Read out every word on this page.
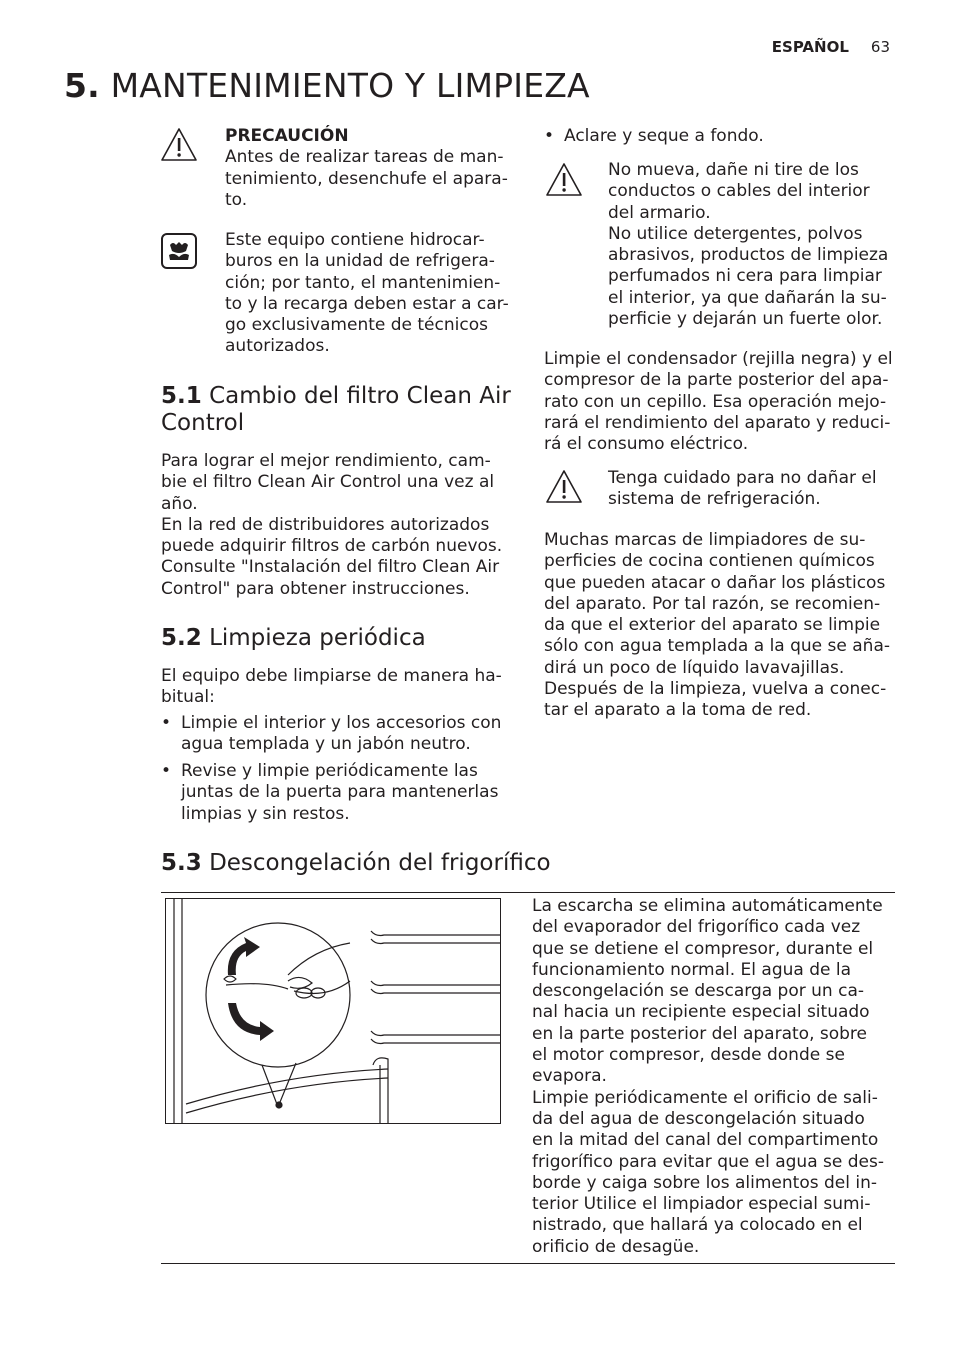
ESPAÑOL 63
5. MANTENIMIENTO Y LIMPIEZA
PRECAUCIÓN
Antes de realizar tareas de man-
tenimiento, desenchufe el apara-
to.
Este equipo contiene hidrocar-
buros en la unidad de refrigera-
ción; por tanto, el mantenimien-
to y la recarga deben estar a car-
go exclusivamente de técnicos
autorizados.
5.1 Cambio del filtro Clean Air
Control
Para lograr el mejor rendimiento, cam-
bie el filtro Clean Air Control una vez al
año.
En la red de distribuidores autorizados
puede adquirir filtros de carbón nuevos.
Consulte "Instalación del filtro Clean Air
Control" para obtener instrucciones.
5.2 Limpieza periódica
El equipo debe limpiarse de manera ha-
bitual:
• Limpie el interior y los accesorios con
agua templada y un jabón neutro.
• Revise y limpie periódicamente las
juntas de la puerta para mantenerlas
limpias y sin restos.
• Aclare y seque a fondo.
No mueva, dañe ni tire de los
conductos o cables del interior
del armario.
No utilice detergentes, polvos
abrasivos, productos de limpieza
perfumados ni cera para limpiar
el interior, ya que dañarán la su-
perficie y dejarán un fuerte olor.
Limpie el condensador (rejilla negra) y el
compresor de la parte posterior del apa-
rato con un cepillo. Esa operación mejo-
rará el rendimiento del aparato y reduci-
rá el consumo eléctrico.
Tenga cuidado para no dañar el
sistema de refrigeración.
Muchas marcas de limpiadores de su-
perficies de cocina contienen químicos
que pueden atacar o dañar los plásticos
del aparato. Por tal razón, se recomien-
da que el exterior del aparato se limpie
sólo con agua templada a la que se aña-
dirá un poco de líquido lavavajillas.
Después de la limpieza, vuelva a conec-
tar el aparato a la toma de red.
5.3 Descongelación del frigorífico
La escarcha se elimina automáticamente
del evaporador del frigorífico cada vez
que se detiene el compresor, durante el
funcionamiento normal. El agua de la
descongelación se descarga por un ca-
nal hacia un recipiente especial situado
en la parte posterior del aparato, sobre
el motor compresor, desde donde se
evapora.
Limpie periódicamente el orificio de sali-
da del agua de descongelación situado
en la mitad del canal del compartimento
frigorífico para evitar que el agua se des-
borde y caiga sobre los alimentos del in-
terior Utilice el limpiador especial sumi-
nistrado, que hallará ya colocado en el
orificio de desagüe.
